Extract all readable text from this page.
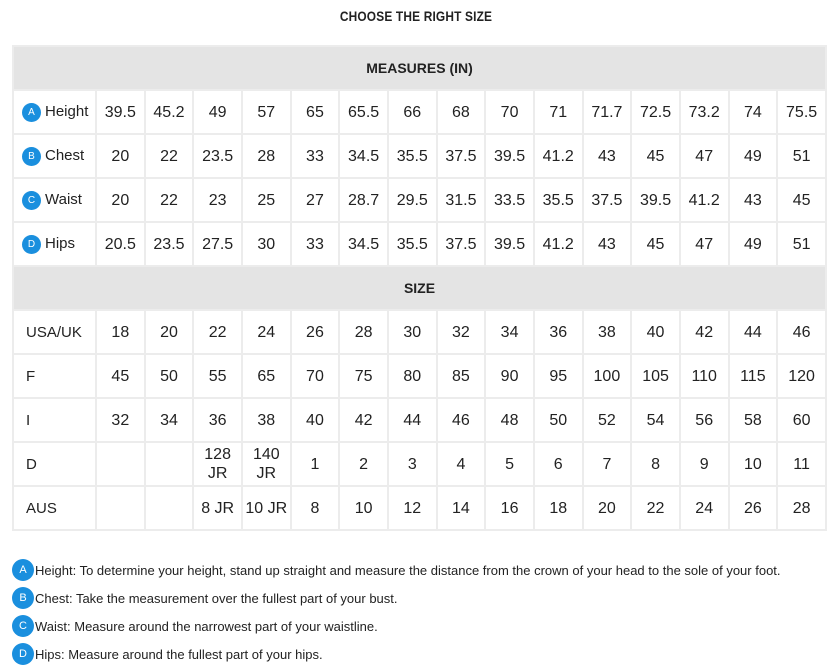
CHOOSE THE RIGHT SIZE
MEASURES (IN)															
A Height	39.5	45.2	49	57	65	65.5	66	68	70	71	71.7	72.5	73.2	74	75.5
B Chest	20	22	23.5	28	33	34.5	35.5	37.5	39.5	41.2	43	45	47	49	51
C Waist	20	22	23	25	27	28.7	29.5	31.5	33.5	35.5	37.5	39.5	41.2	43	45
D Hips	20.5	23.5	27.5	30	33	34.5	35.5	37.5	39.5	41.2	43	45	47	49	51
SIZE															
USA/UK	18	20	22	24	26	28	30	32	34	36	38	40	42	44	46
F	45	50	55	65	70	75	80	85	90	95	100	105	110	115	120
I	32	34	36	38	40	42	44	46	48	50	52	54	56	58	60
D			128 JR	140 JR	1	2	3	4	5	6	7	8	9	10	11
AUS			8 JR	10 JR	8	10	12	14	16	18	20	22	24	26	28
A Height: To determine your height, stand up straight and measure the distance from the crown of your head to the sole of your foot.
B Chest: Take the measurement over the fullest part of your bust.
C Waist: Measure around the narrowest part of your waistline.
D Hips: Measure around the fullest part of your hips.
